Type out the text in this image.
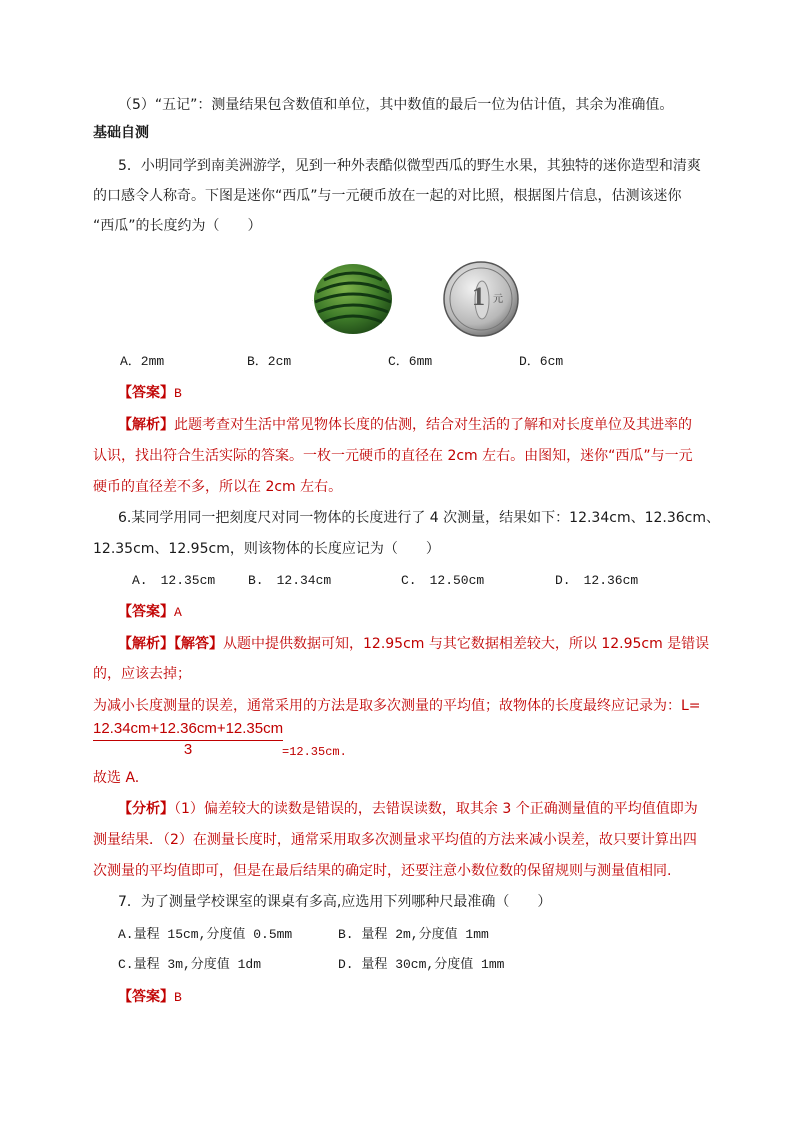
（5）“五记”：测量结果包含数值和单位，其中数值的最后一位为估计值，其余为准确值。
基础自测
5．小明同学到南美洲游学，见到一种外表酷似微型西瓜的野生水果，其独特的迷你造型和清爽
的口感令人称奇。下图是迷你“西瓜”与一元硬币放在一起的对比照，根据图片信息，估测该迷你
“西瓜”的长度约为（　　）
1 元
A．2mm	B．2cm	C．6mm	D．6cm
【答案】B
【解析】此题考查对生活中常见物体长度的估测，结合对生活的了解和对长度单位及其进率的
认识，找出符合生活实际的答案。一枚一元硬币的直径在 2cm 左右。由图知，迷你“西瓜”与一元
硬币的直径差不多，所以在 2cm 左右。
6.某同学用同一把刻度尺对同一物体的长度进行了 4 次测量，结果如下：12.34cm、12.36cm、
12.35cm、12.95cm，则该物体的长度应记为（　　）
A.　12.35cm	B.　12.34cm	C.　12.50cm	D.　12.36cm
【答案】A
【解析】【解答】从题中提供数据可知，12.95cm 与其它数据相差较大，所以 12.95cm 是错误
的，应该去掉；
为减小长度测量的误差，通常采用的方法是取多次测量的平均值；故物体的长度最终应记录为：L=
$\frac{12.34cm+12.36cm+12.35cm}{3} =12.35cm$.
故选 A.
【分析】（1）偏差较大的读数是错误的，去错误读数，取其余 3 个正确测量值的平均值值即为
测量结果．（2）在测量长度时，通常采用取多次测量求平均值的方法来减小误差，故只要计算出四
次测量的平均值即可，但是在最后结果的确定时，还要注意小数位数的保留规则与测量值相同.
7．为了测量学校课室的课桌有多高,应选用下列哪种尺最准确（　　）
A.量程 15cm,分度值 0.5mm	B. 量程 2m,分度值 1mm
C.量程 3m,分度值 1dm	D. 量程 30cm,分度值 1mm
【答案】B
